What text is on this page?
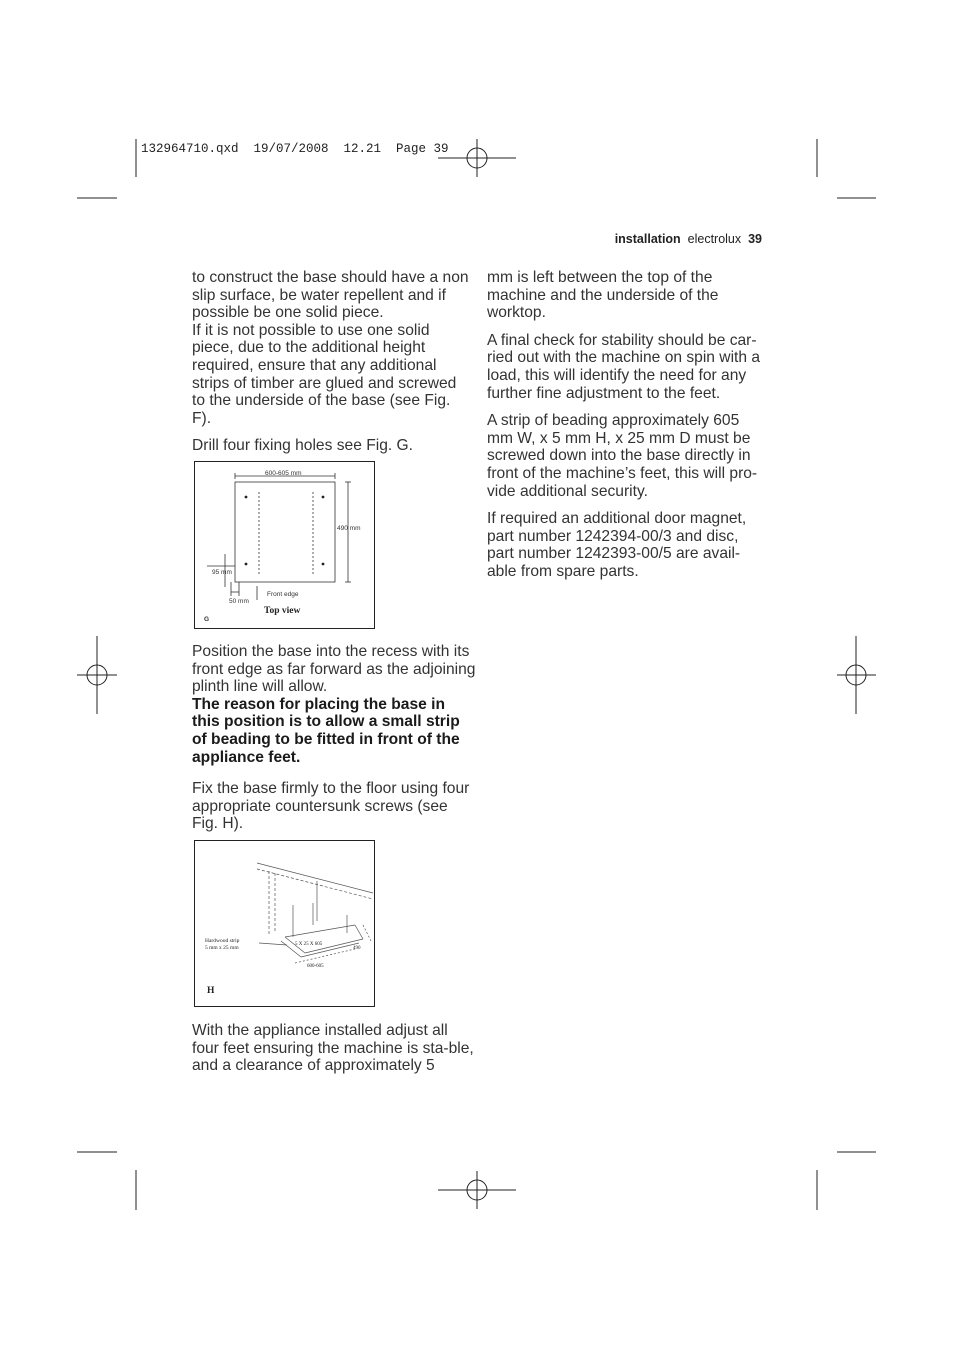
132964710.qxd  19/07/2008  12.21  Page 39
installation electrolux 39

to construct the base should have a non slip surface, be water repellent and if possible be one solid piece.

If it is not possible to use one solid piece, due to the additional height required, ensure that any additional strips of timber are glued and screwed to the underside of the base (see Fig. F).

Drill four fixing holes see Fig. G.

600-605 mm
490 mm
95 mm
50 mm
Front edge
Top view
G

Position the base into the recess with its front edge as far forward as the adjoining plinth line will allow.

The reason for placing the base in this position is to allow a small strip of beading to be fitted in front of the appliance feet.

Fix the base firmly to the floor using four appropriate countersunk screws (see Fig. H).

Hardwood strip
5 mm x 25 mm
5 X 25 X 605
600-605
490
H

With the appliance installed adjust all four feet ensuring the machine is sta-ble, and a clearance of approximately 5

mm is left between the top of the machine and the underside of the worktop.

A final check for stability should be car-ried out with the machine on spin with a load, this will identify the need for any further fine adjustment to the feet.

A strip of beading approximately 605 mm W, x 5 mm H, x 25 mm D must be screwed down into the base directly in front of the machine’s feet, this will pro-vide additional security.

If required an additional door magnet, part number 1242394-00/3 and disc, part number 1242393-00/5 are avail-able from spare parts.
